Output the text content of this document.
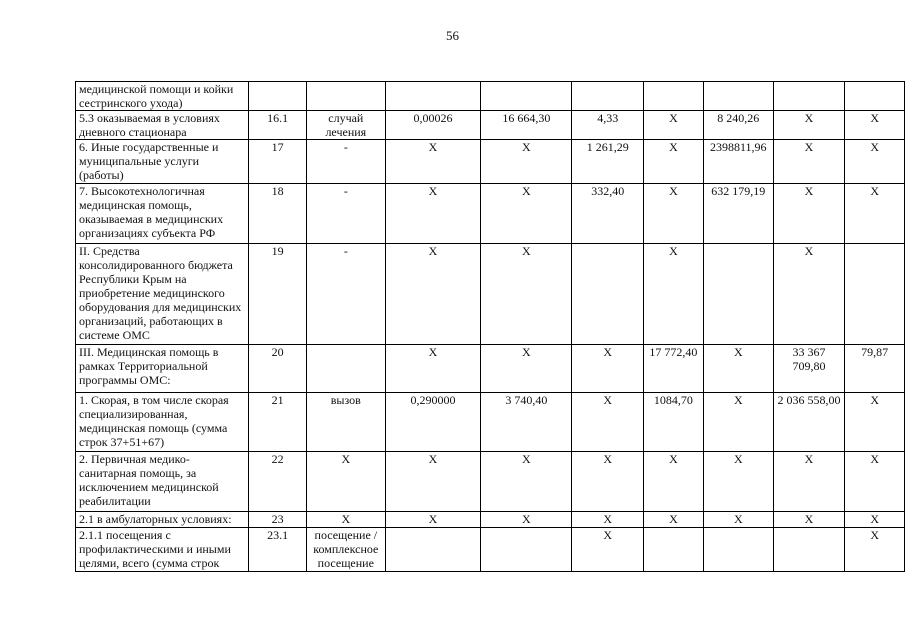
56
медицинской помощи и койки сестринского ухода)									
5.3 оказываемая в условиях дневного стационара	16.1	случай лечения	0,00026	16 664,30	4,33	Х	8 240,26	Х	Х
6. Иные государственные и муниципальные услуги (работы)	17	-	Х	Х	1 261,29	Х	2398811,96	Х	Х
7. Высокотехнологичная медицинская помощь, оказываемая в медицинских организациях субъекта РФ	18	-	Х	Х	332,40	Х	632 179,19	Х	Х
II. Средства консолидированного бюджета Республики Крым на приобретение медицинского оборудования для медицинских организаций, работающих в системе ОМС	19	-	Х	Х		Х		Х	
III. Медицинская помощь в рамках Территориальной программы ОМС:	20		Х	Х	Х	17 772,40	Х	33 367 709,80	79,87
1. Скорая, в том числе скорая специализированная, медицинская помощь (сумма строк 37+51+67)	21	вызов	0,290000	3 740,40	Х	1084,70	Х	2 036 558,00	Х
2. Первичная медико-санитарная помощь, за исключением медицинской реабилитации	22	Х	Х	Х	Х	Х	Х	Х	Х
2.1 в амбулаторных условиях:	23	Х	Х	Х	Х	Х	Х	Х	Х
2.1.1 посещения с профилактическими и иными целями, всего (сумма строк	23.1	посещение / комплексное посещение			Х				Х
